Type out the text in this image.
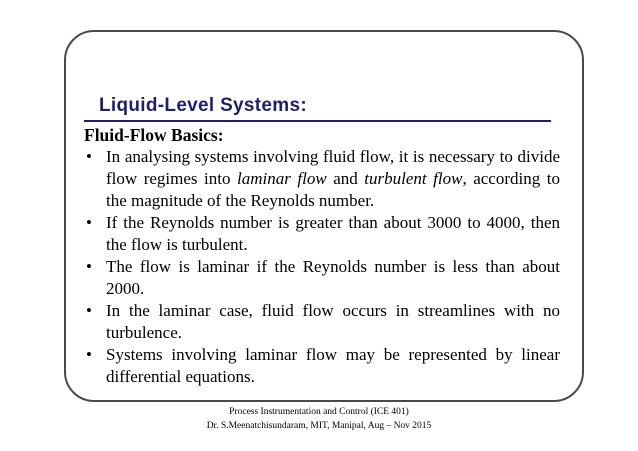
Liquid-Level Systems:

Fluid-Flow Basics:

• In analysing systems involving fluid flow, it is necessary to divide flow regimes into laminar flow and turbulent flow, according to the magnitude of the Reynolds number.
• If the Reynolds number is greater than about 3000 to 4000, then the flow is turbulent.
• The flow is laminar if the Reynolds number is less than about 2000.
• In the laminar case, fluid flow occurs in streamlines with no turbulence.
• Systems involving laminar flow may be represented by linear differential equations.
Process Instrumentation and Control (ICE 401)
Dr. S.Meenatchisundaram, MIT, Manipal, Aug – Nov 2015
